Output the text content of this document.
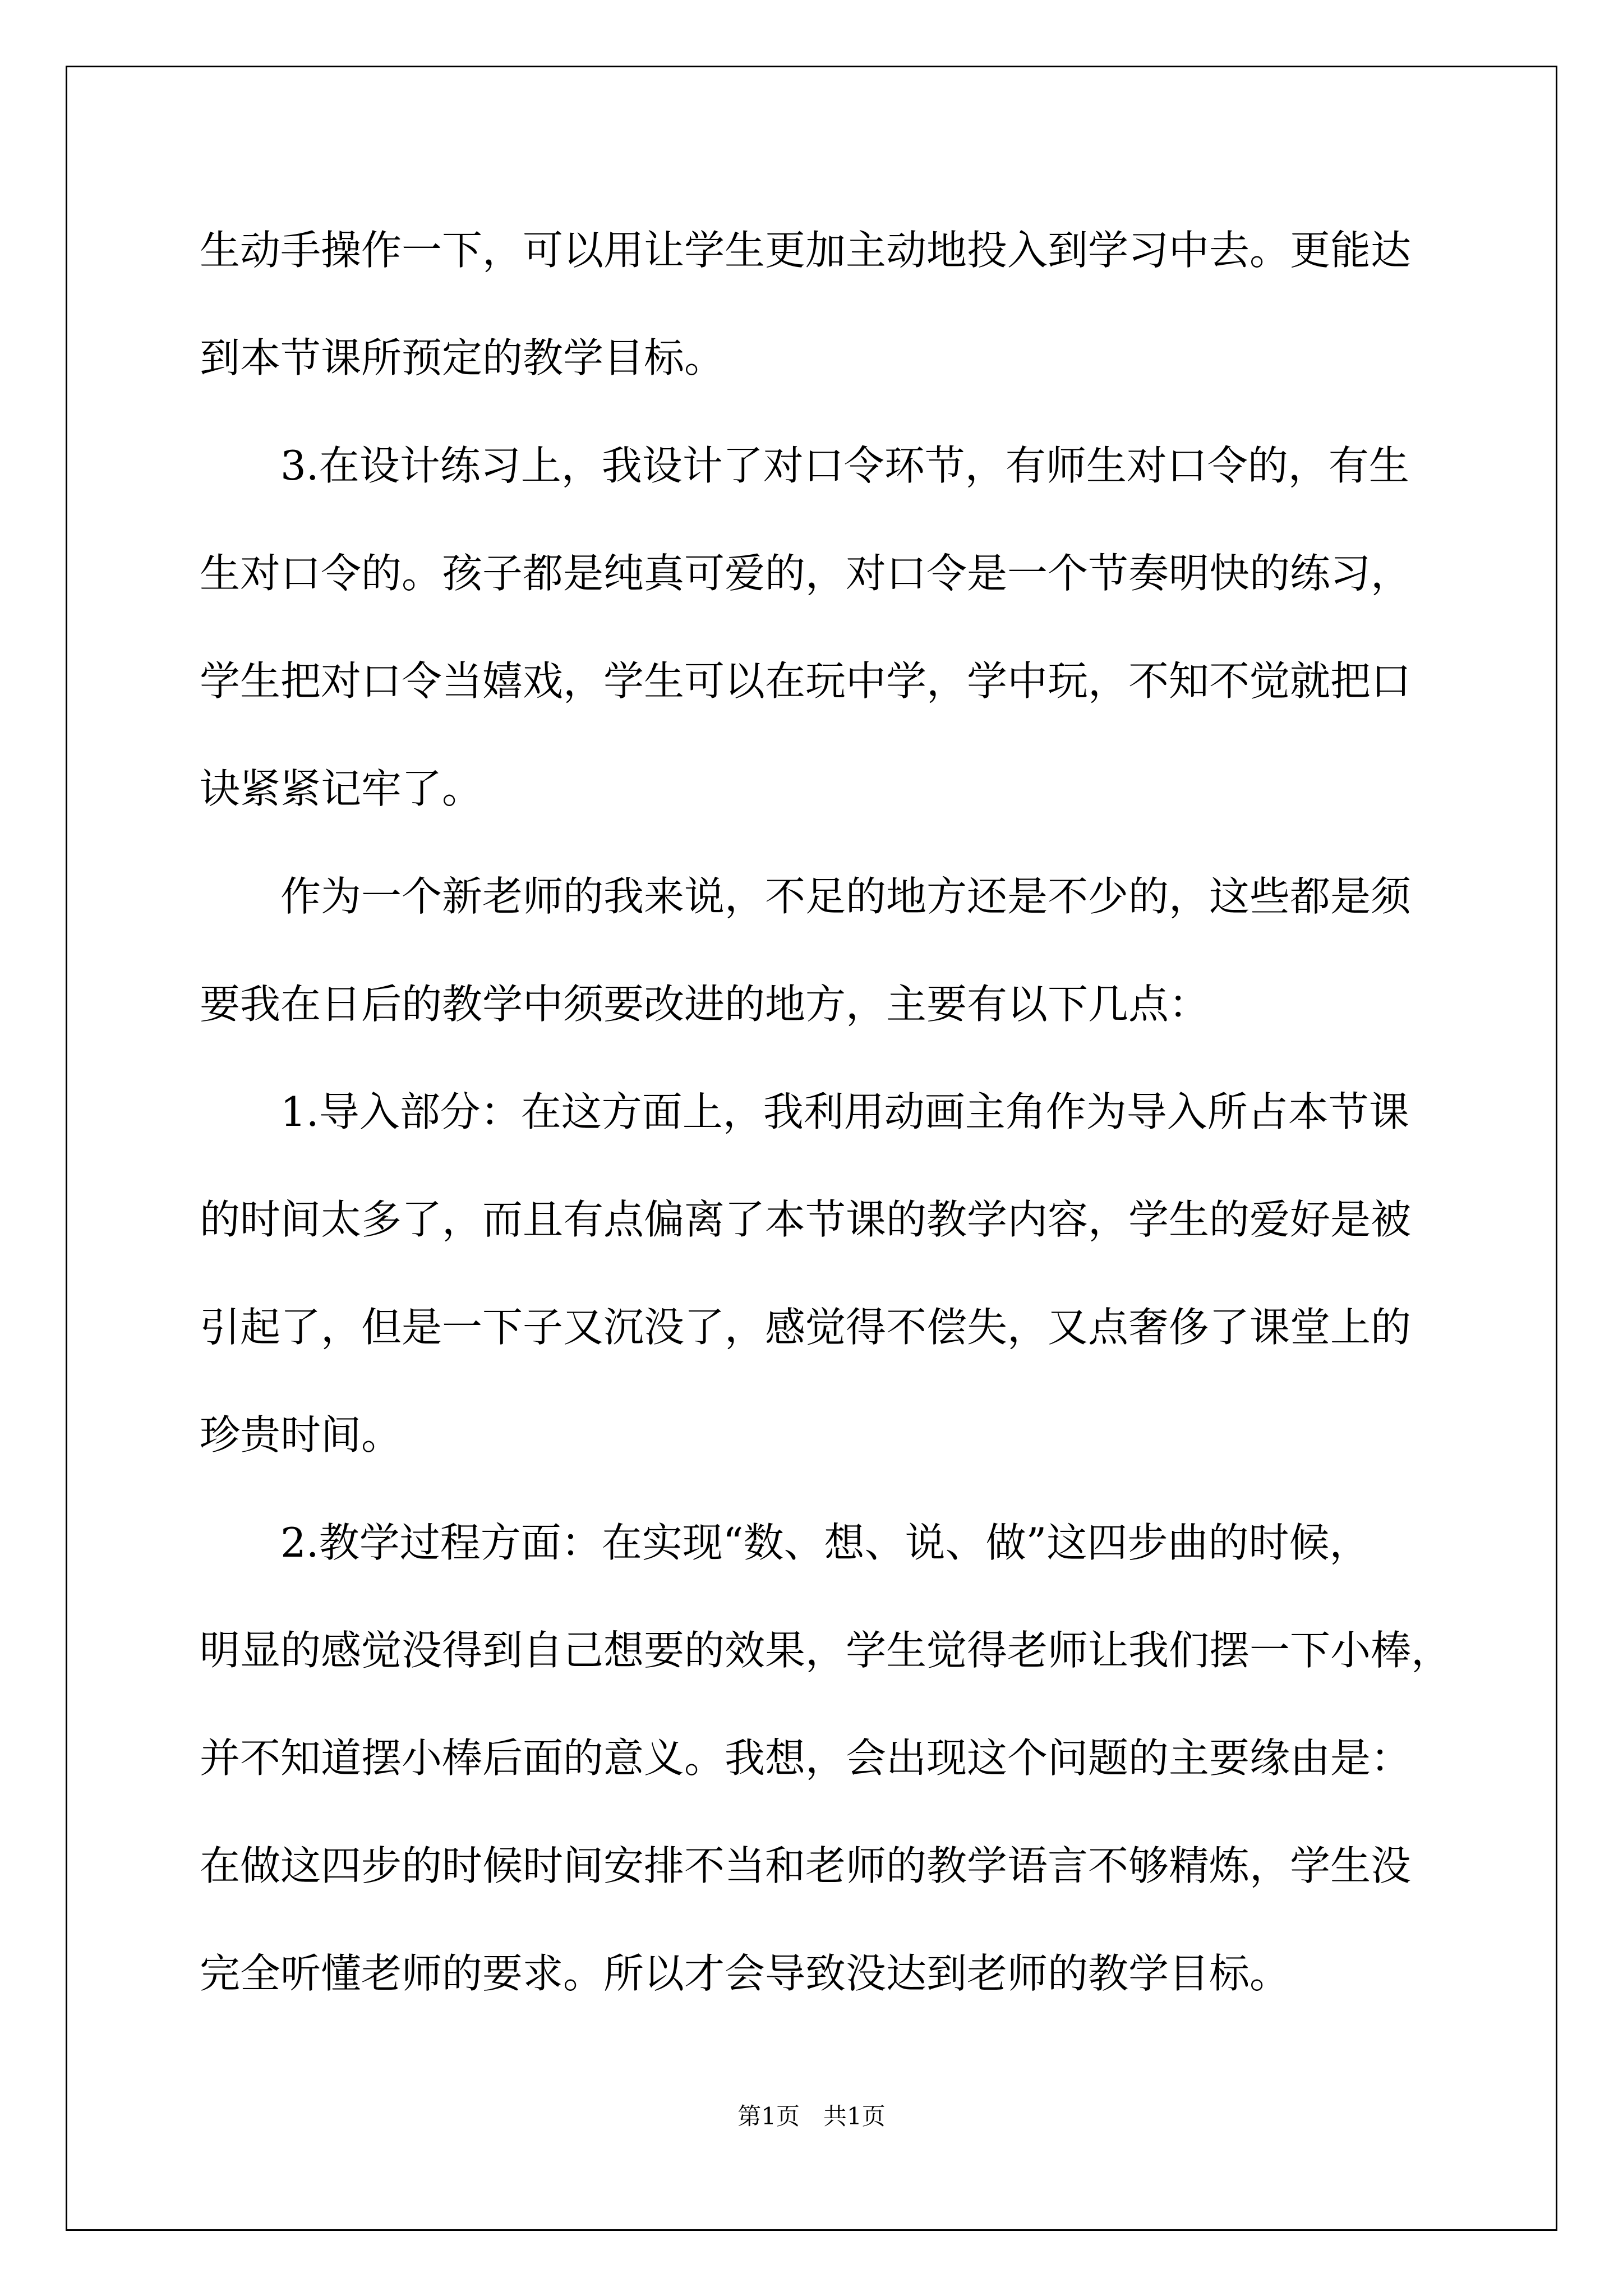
生动手操作一下，可以用让学生更加主动地投入到学习中去。更能达
到本节课所预定的教学目标。
3.在设计练习上，我设计了对口令环节，有师生对口令的，有生
生对口令的。孩子都是纯真可爱的，对口令是一个节奏明快的练习，
学生把对口令当嬉戏，学生可以在玩中学，学中玩，不知不觉就把口
诀紧紧记牢了。
作为一个新老师的我来说，不足的地方还是不少的，这些都是须
要我在日后的教学中须要改进的地方，主要有以下几点：
1.导入部分：在这方面上，我利用动画主角作为导入所占本节课
的时间太多了，而且有点偏离了本节课的教学内容，学生的爱好是被
引起了，但是一下子又沉没了，感觉得不偿失，又点奢侈了课堂上的
珍贵时间。
2.教学过程方面：在实现“数、想、说、做”这四步曲的时候，
明显的感觉没得到自己想要的效果，学生觉得老师让我们摆一下小棒，
并不知道摆小棒后面的意义。我想，会出现这个问题的主要缘由是：
在做这四步的时候时间安排不当和老师的教学语言不够精炼，学生没
完全听懂老师的要求。所以才会导致没达到老师的教学目标。
第1页　共1页
